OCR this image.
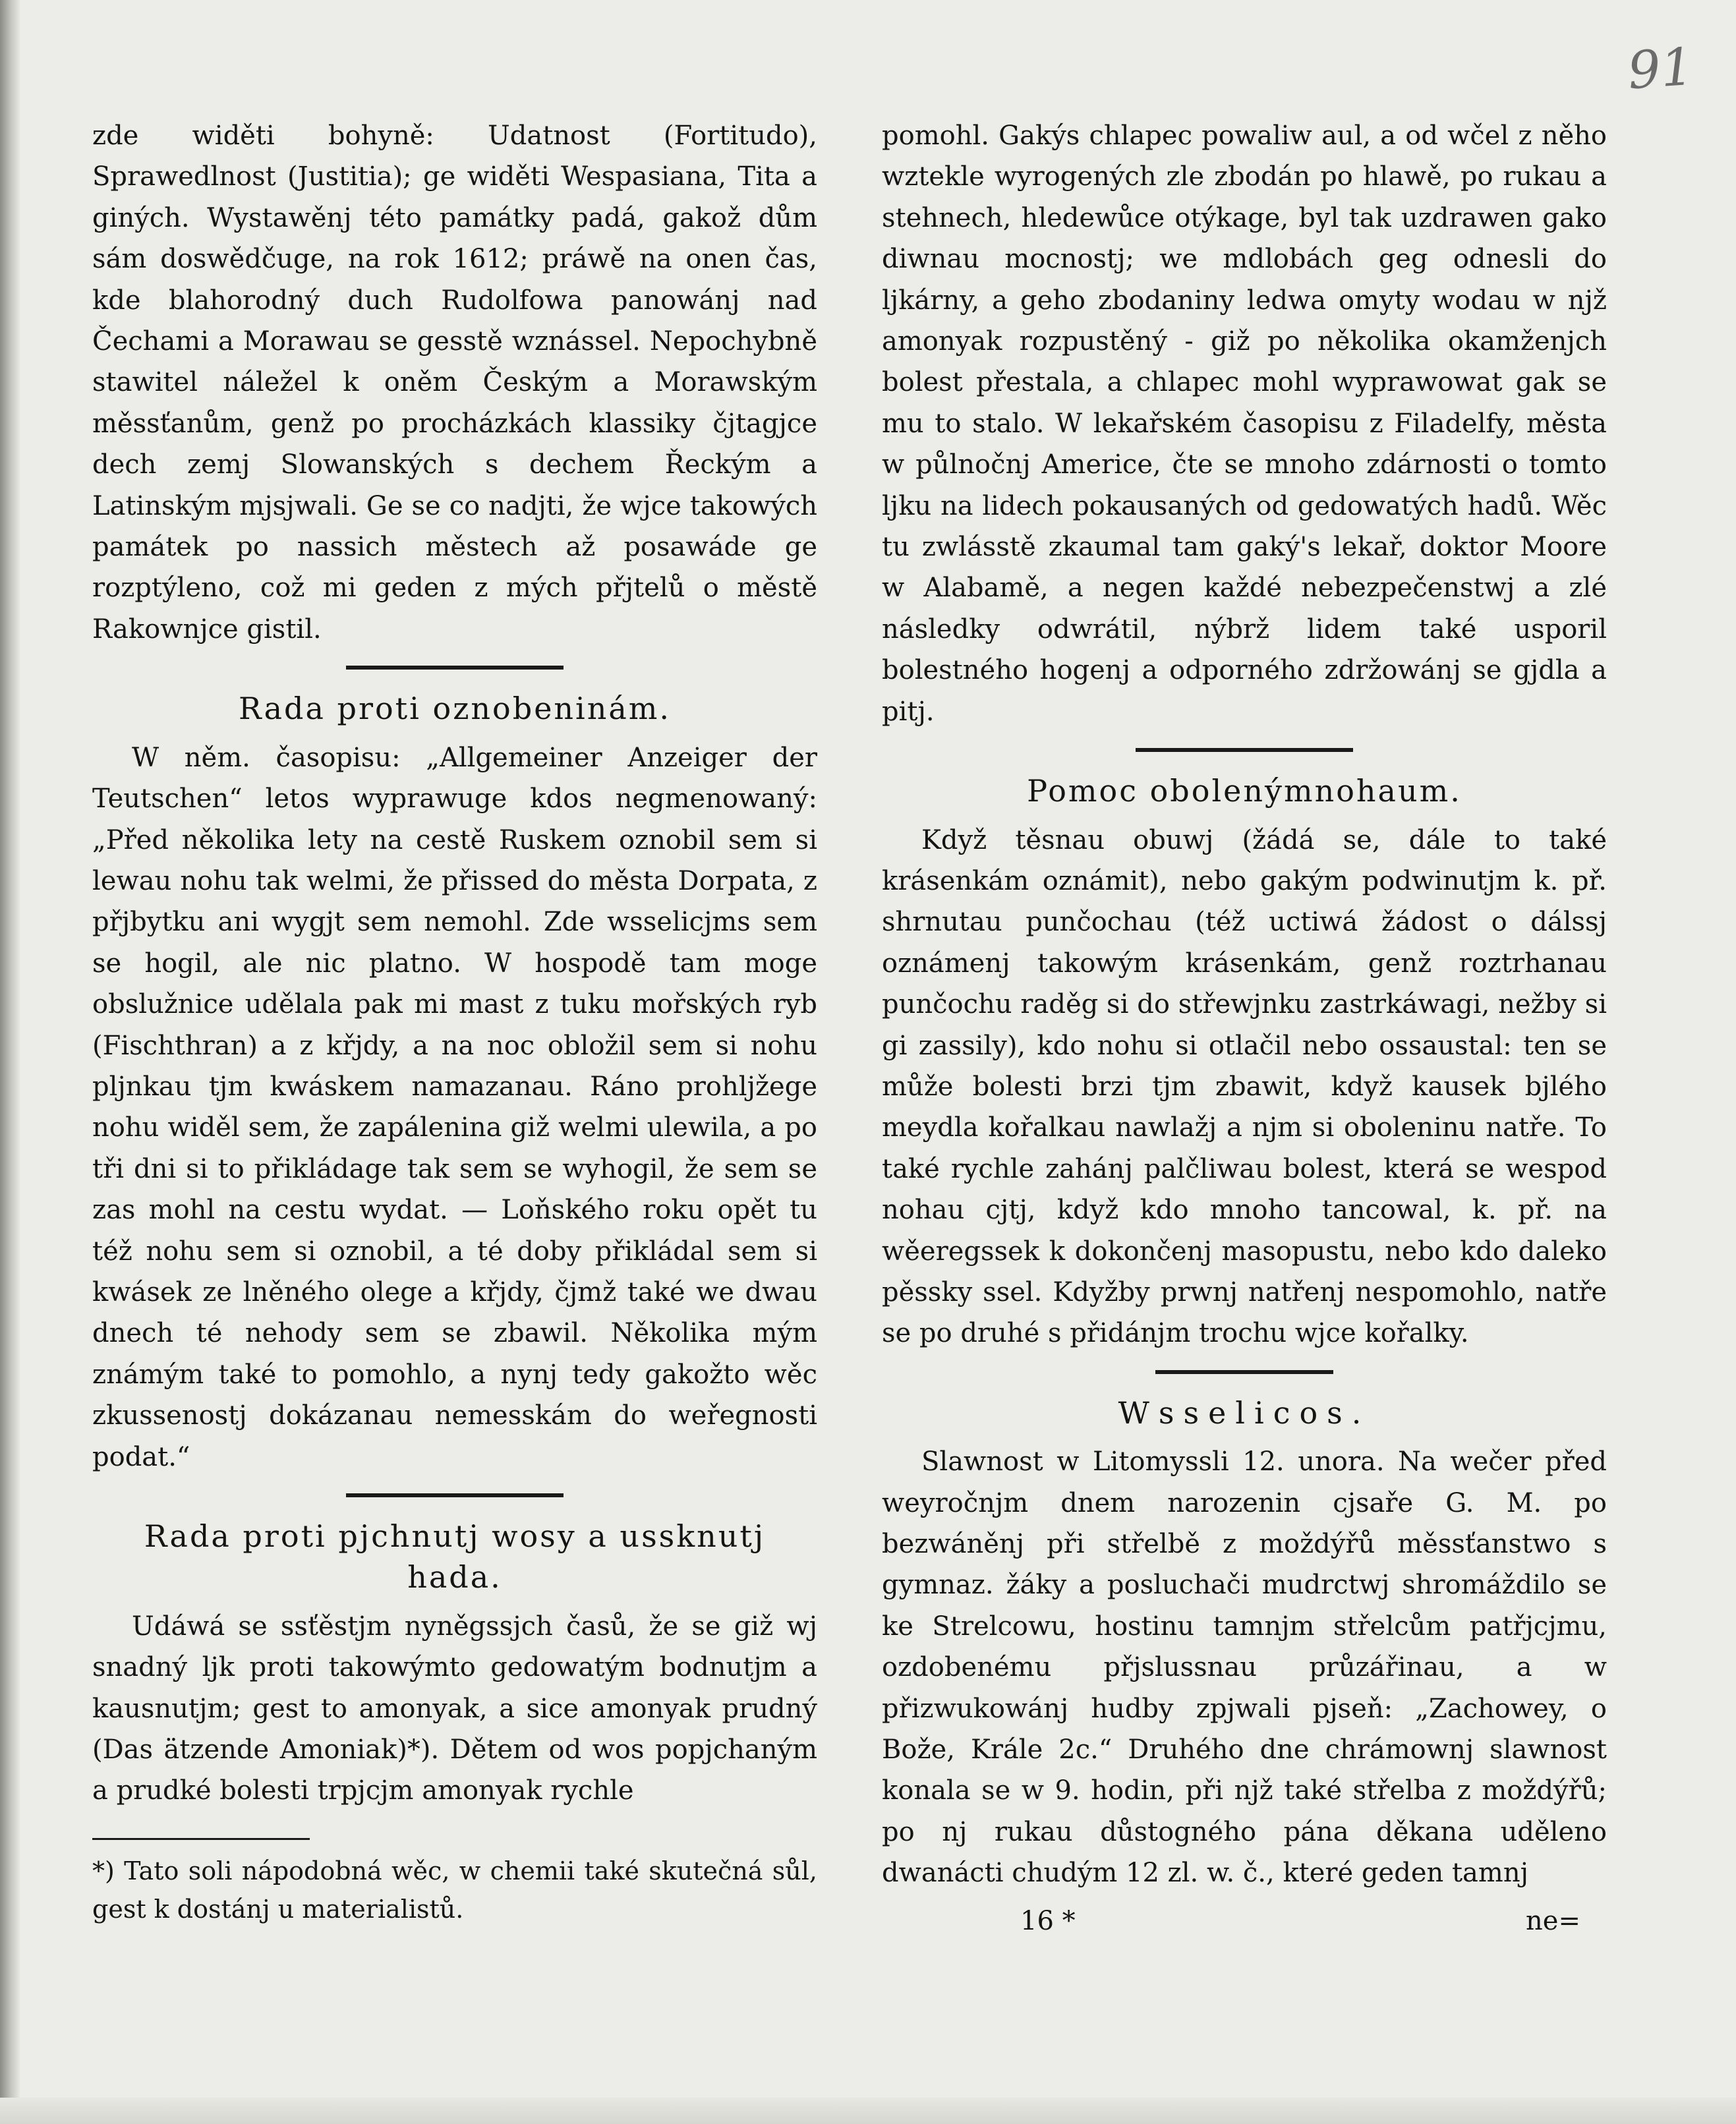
91

zde widěti bohyně: Udatnost (Fortitudo), Sprawedlnost (Justitia); ge widěti Wespasiana, Tita a giných. Wystawěnj této památky padá, gakož dům sám doswědčuge, na rok 1612; práwě na onen čas, kde blahorodný duch Rudolfowa panowánj nad Čechami a Morawau se gesstě wznássel. Nepochybně stawitel náležel k oněm Českým a Morawským měssťanům, genž po procházkách klassiky čjtagjce dech zemj Slowanských s dechem Řeckým a Latinským mjsjwali. Ge se co nadjti, že wjce takowých památek po nassich městech až posawáde ge rozptýleno, což mi geden z mých přjtelů o městě Rakownjce gistil.

Rada proti oznobeninám.

W něm. časopisu: „Allgemeiner Anzeiger der Teutschen“ letos wyprawuge kdos negmenowaný: „Před několika lety na cestě Ruskem oznobil sem si lewau nohu tak welmi, že přissed do města Dorpata, z přjbytku ani wygjt sem nemohl. Zde wsselicjms sem se hogil, ale nic platno. W hospodě tam moge obslužnice udělala pak mi mast z tuku mořských ryb (Fischthran) a z křjdy, a na noc obložil sem si nohu pljnkau tjm kwáskem namazanau. Ráno prohljžege nohu widěl sem, že zapálenina giž welmi ulewila, a po tři dni si to přikládage tak sem se wyhogil, že sem se zas mohl na cestu wydat. — Loňského roku opět tu též nohu sem si oznobil, a té doby přikládal sem si kwásek ze lněného olege a křjdy, čjmž také we dwau dnech té nehody sem se zbawil. Několika mým známým také to pomohlo, a nynj tedy gakožto wěc zkussenostj dokázanau nemesskám do weřegnosti podat.“

Rada proti pjchnutj wosy a ussknutj hada.

Udáwá se ssťěstjm nyněgssjch časů, že se giž wj snadný ljk proti takowýmto gedowatým bodnutjm a kausnutjm; gest to amonyak, a sice amonyak prudný (Das ätzende Amoniak)*). Dětem od wos popjchaným a prudké bolesti trpjcjm amonyak rychle

*) Tato soli nápodobná wěc, w chemii také skutečná sůl, gest k dostánj u materialistů.

pomohl. Gakýs chlapec powaliw aul, a od wčel z něho wztekle wyrogených zle zbodán po hlawě, po rukau a stehnech, hledewůce otýkage, byl tak uzdrawen gako diwnau mocnostj; we mdlobách geg odnesli do ljkárny, a geho zbodaniny ledwa omyty wodau w njž amonyak rozpustěný - giž po několika okamženjch bolest přestala, a chlapec mohl wyprawowat gak se mu to stalo. W lekařském časopisu z Filadelfy, města w půlnočnj Americe, čte se mnoho zdárnosti o tomto ljku na lidech pokausaných od gedowatých hadů. Wěc tu zwlásstě zkaumal tam gaký's lekař, doktor Moore w Alabamě, a negen každé nebezpečenstwj a zlé následky odwrátil, nýbrž lidem také usporil bolestného hogenj a odporného zdržowánj se gjdla a pitj.

Pomoc obolenýmnohaum.

Když těsnau obuwj (žádá se, dále to také krásenkám oznámit), nebo gakým podwinutjm k. př. shrnutau punčochau (též uctiwá žádost o dálssj oznámenj takowým krásenkám, genž roztrhanau punčochu raděg si do střewjnku zastrkáwagi, nežby si gi zassily), kdo nohu si otlačil nebo ossaustal: ten se může bolesti brzi tjm zbawit, když kausek bjlého meydla kořalkau nawlažj a njm si oboleninu natře. To také rychle zahánj palčliwau bolest, která se wespod nohau cjtj, když kdo mnoho tancowal, k. př. na wěeregssek k dokončenj masopustu, nebo kdo daleko pěssky ssel. Kdyžby prwnj natřenj nespomohlo, natře se po druhé s přidánjm trochu wjce kořalky.

Wsselicos.

Slawnost w Litomyssli 12. unora. Na wečer před weyročnjm dnem narozenin cjsaře G. M. po bezwáněnj při střelbě z moždýřů měssťanstwo s gymnaz. žáky a posluchači mudrctwj shromáždilo se ke Strelcowu, hostinu tamnjm střelcům patřjcjmu, ozdobenému přjslussnau průzářinau, a w přizwukowánj hudby zpjwali pjseň: „Zachowey, o Bože, Krále 2c.“ Druhého dne chrámownj slawnost konala se w 9. hodin, při njž také střelba z moždýřů; po nj rukau důstogného pána děkana uděleno dwanácti chudým 12 zl. w. č., které geden tamnj

16 *	ne=
